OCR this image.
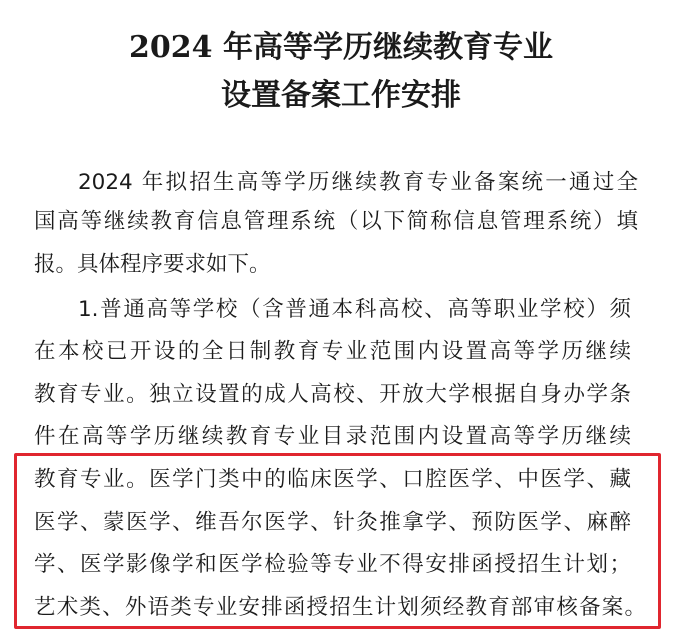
2024 年高等学历继续教育专业
设置备案工作安排
2024 年拟招生高等学历继续教育专业备案统一通过全
国高等继续教育信息管理系统（以下简称信息管理系统）填
报。具体程序要求如下。
1.普通高等学校（含普通本科高校、高等职业学校）须
在本校已开设的全日制教育专业范围内设置高等学历继续
教育专业。独立设置的成人高校、开放大学根据自身办学条
件在高等学历继续教育专业目录范围内设置高等学历继续
教育专业。医学门类中的临床医学、口腔医学、中医学、藏
医学、蒙医学、维吾尔医学、针灸推拿学、预防医学、麻醉
学、医学影像学和医学检验等专业不得安排函授招生计划；
艺术类、外语类专业安排函授招生计划须经教育部审核备案。
